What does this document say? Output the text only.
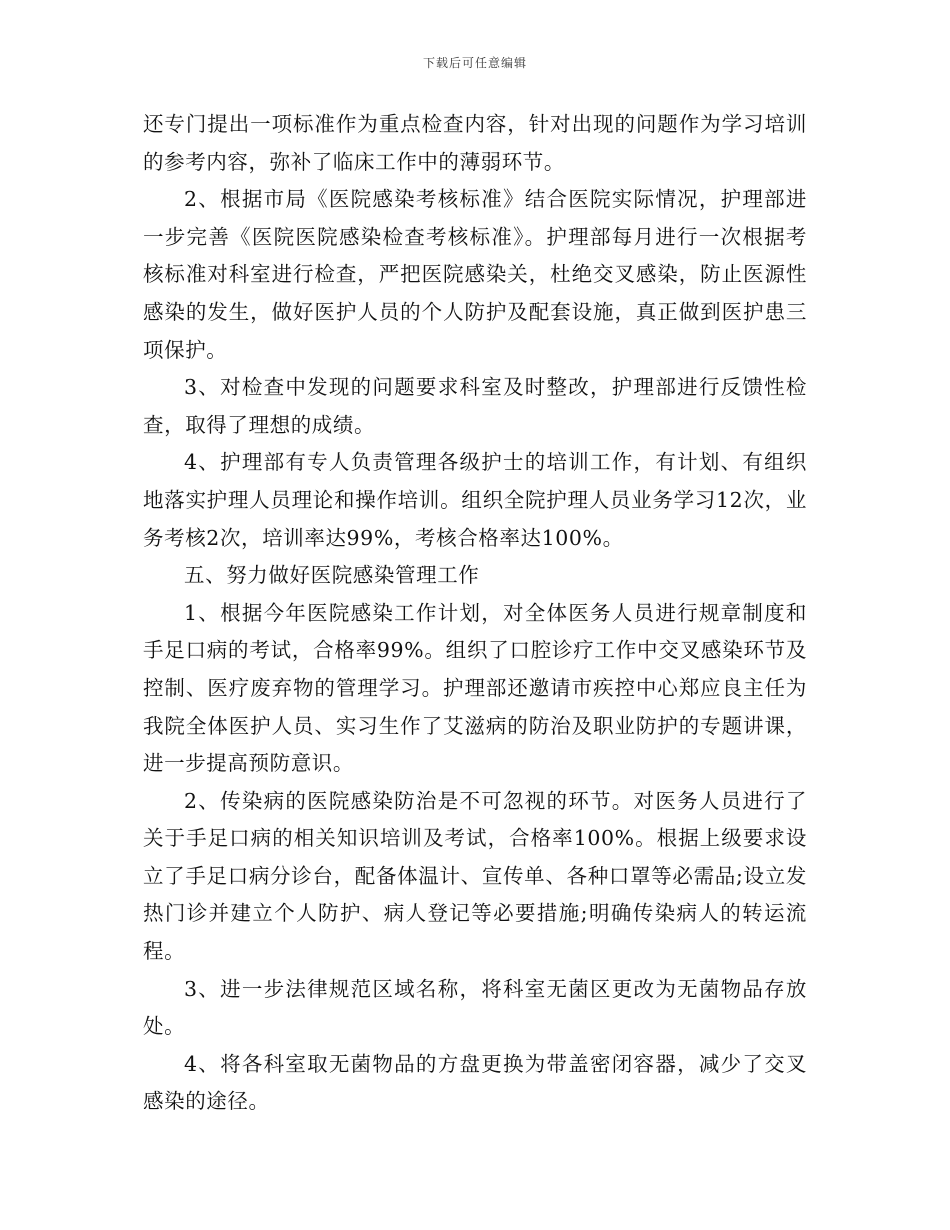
下载后可任意编辑

还专门提出一项标准作为重点检查内容，针对出现的问题作为学习培训的参考内容，弥补了临床工作中的薄弱环节。

2、根据市局《医院感染考核标准》结合医院实际情况，护理部进一步完善《医院医院感染检查考核标准》。护理部每月进行一次根据考核标准对科室进行检查，严把医院感染关，杜绝交叉感染，防止医源性感染的发生，做好医护人员的个人防护及配套设施，真正做到医护患三项保护。

3、对检查中发现的问题要求科室及时整改，护理部进行反馈性检查，取得了理想的成绩。

4、护理部有专人负责管理各级护士的培训工作，有计划、有组织地落实护理人员理论和操作培训。组织全院护理人员业务学习12次，业务考核2次，培训率达99%，考核合格率达100%。

五、努力做好医院感染管理工作

1、根据今年医院感染工作计划，对全体医务人员进行规章制度和手足口病的考试，合格率99%。组织了口腔诊疗工作中交叉感染环节及控制、医疗废弃物的管理学习。护理部还邀请市疾控中心郑应良主任为我院全体医护人员、实习生作了艾滋病的防治及职业防护的专题讲课，进一步提高预防意识。

2、传染病的医院感染防治是不可忽视的环节。对医务人员进行了关于手足口病的相关知识培训及考试，合格率100%。根据上级要求设立了手足口病分诊台，配备体温计、宣传单、各种口罩等必需品;设立发热门诊并建立个人防护、病人登记等必要措施;明确传染病人的转运流程。

3、进一步法律规范区域名称，将科室无菌区更改为无菌物品存放处。

4、将各科室取无菌物品的方盘更换为带盖密闭容器，减少了交叉感染的途径。
